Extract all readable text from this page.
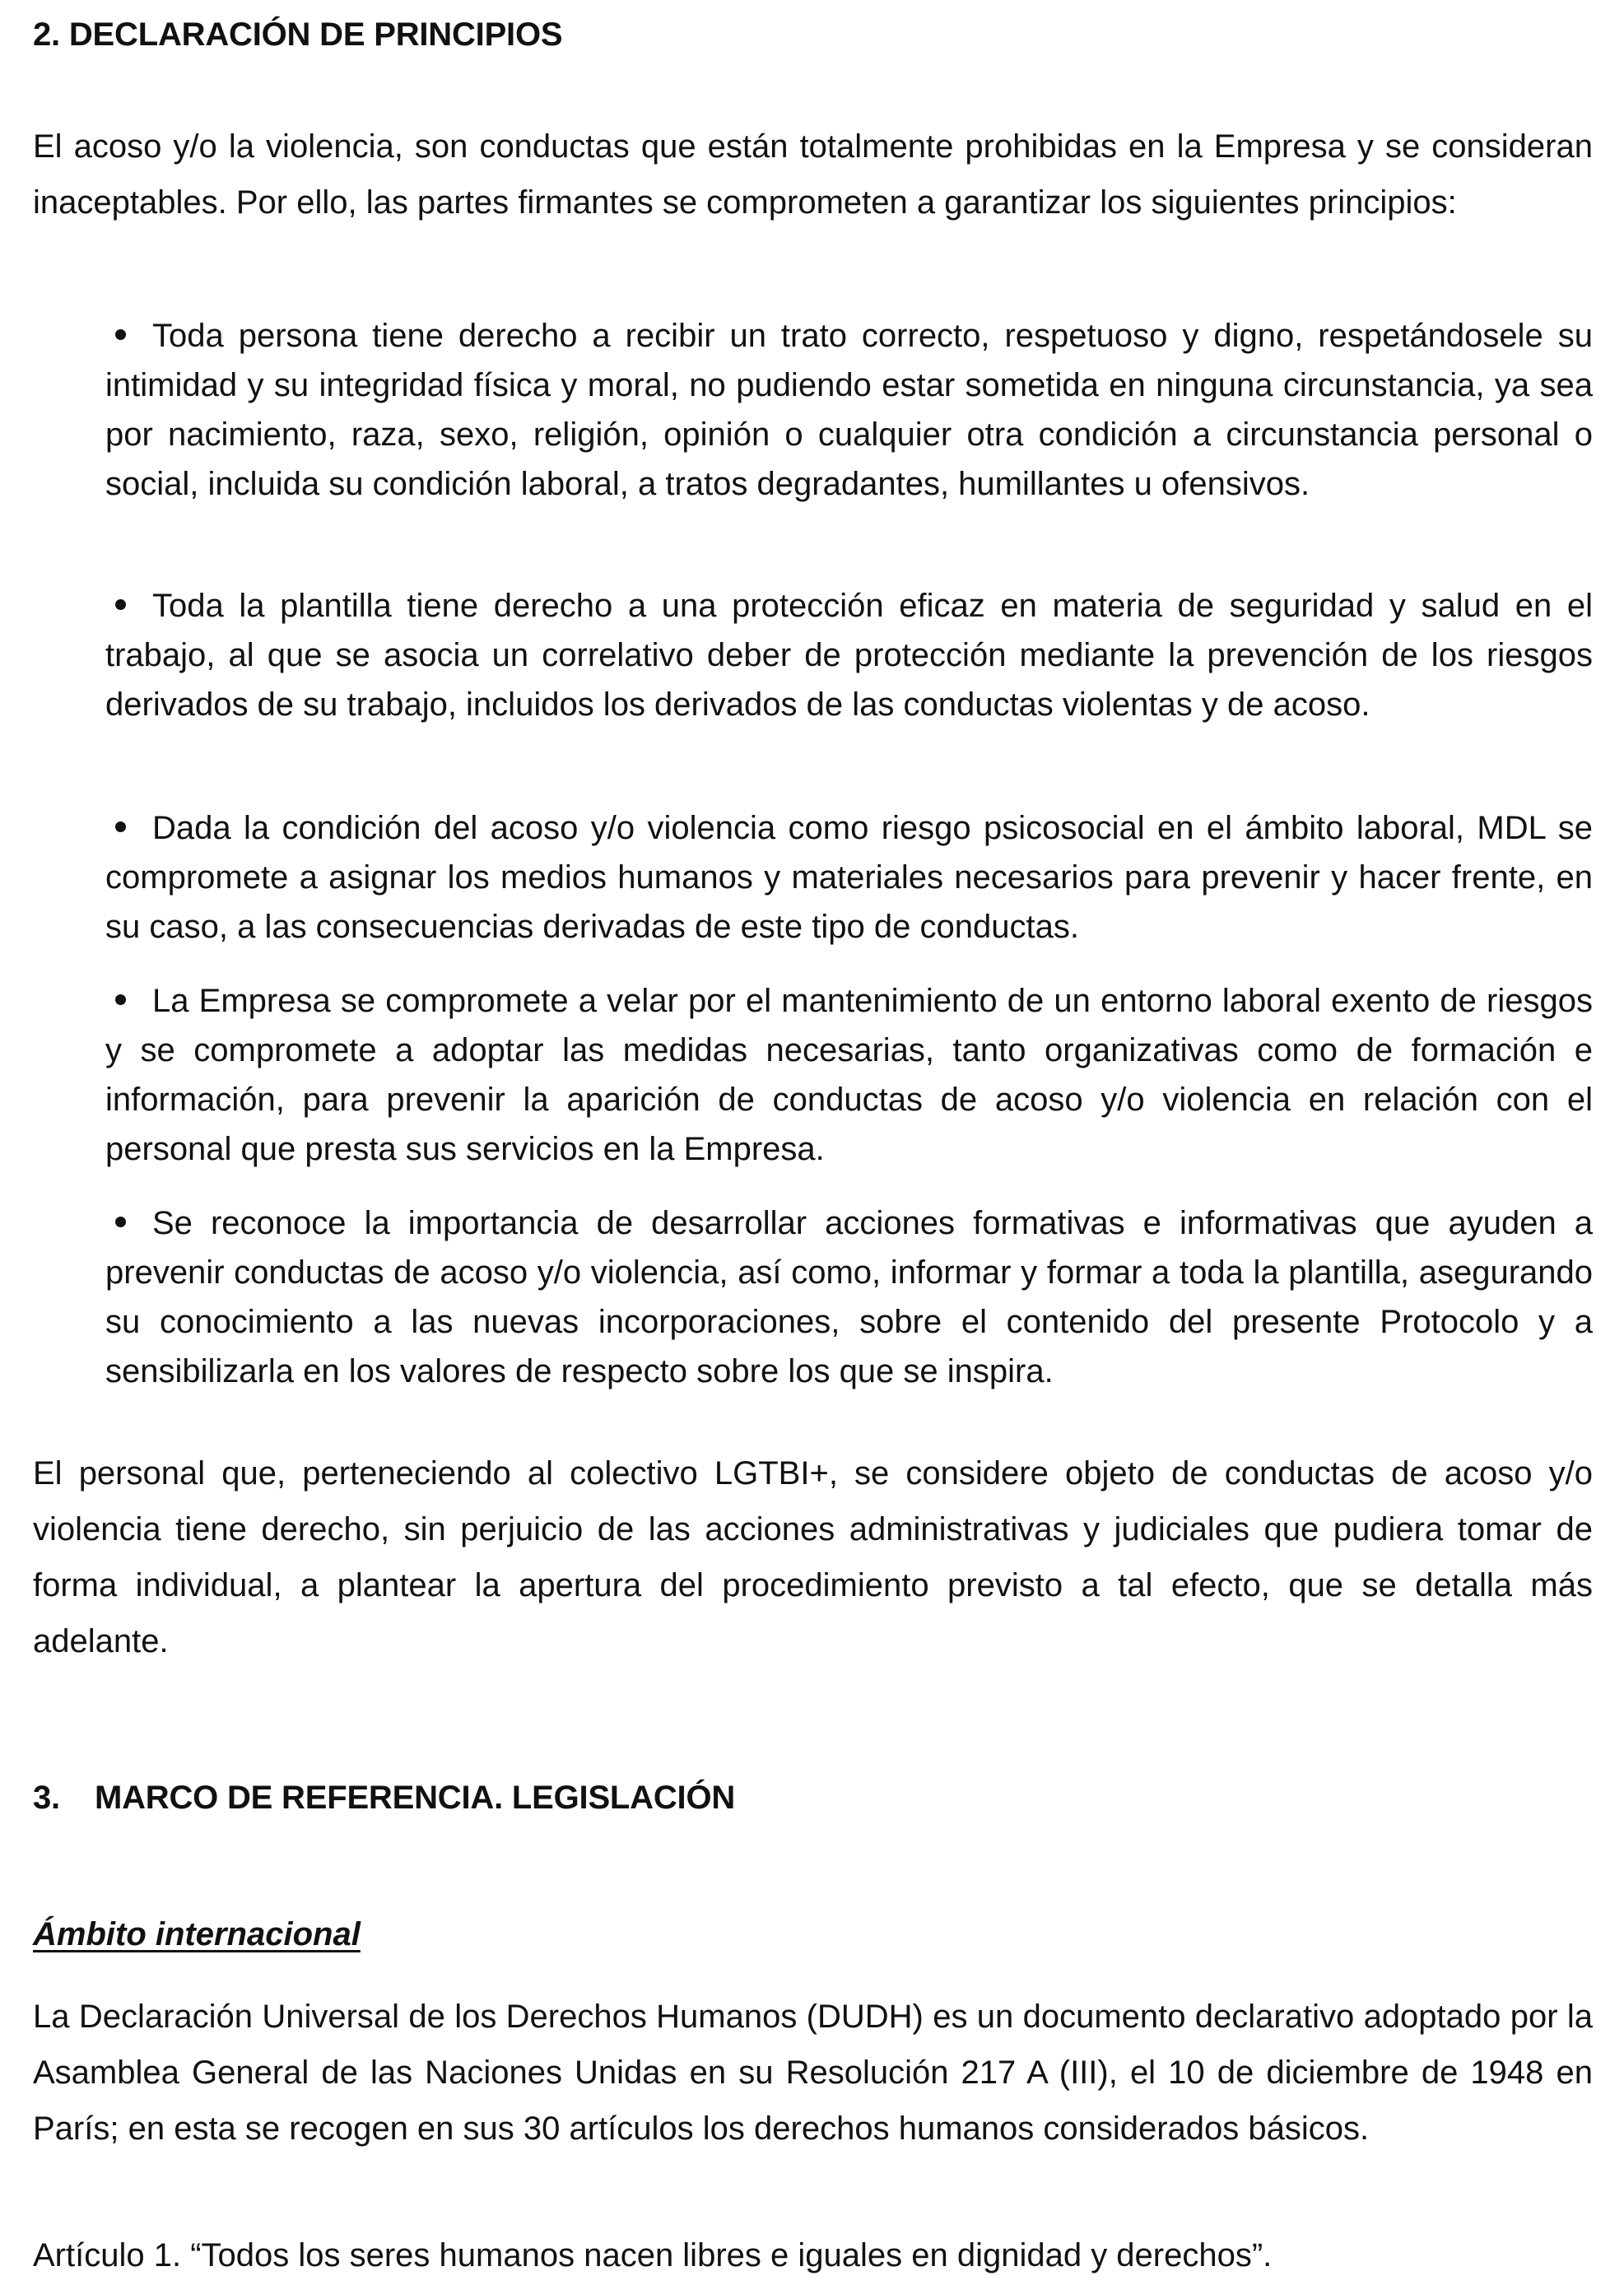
2. DECLARACIÓN DE PRINCIPIOS

El acoso y/o la violencia, son conductas que están totalmente prohibidas en la Empresa y se consideran inaceptables. Por ello, las partes firmantes se comprometen a garantizar los siguientes principios:

Toda persona tiene derecho a recibir un trato correcto, respetuoso y digno, respetándosele su intimidad y su integridad física y moral, no pudiendo estar sometida en ninguna circunstancia, ya sea por nacimiento, raza, sexo, religión, opinión o cualquier otra condición a circunstancia personal o social, incluida su condición laboral, a tratos degradantes, humillantes u ofensivos.

Toda la plantilla tiene derecho a una protección eficaz en materia de seguridad y salud en el trabajo, al que se asocia un correlativo deber de protección mediante la prevención de los riesgos derivados de su trabajo, incluidos los derivados de las conductas violentas y de acoso.

Dada la condición del acoso y/o violencia como riesgo psicosocial en el ámbito laboral, MDL se compromete a asignar los medios humanos y materiales necesarios para prevenir y hacer frente, en su caso, a las consecuencias derivadas de este tipo de conductas.

La Empresa se compromete a velar por el mantenimiento de un entorno laboral exento de riesgos y se compromete a adoptar las medidas necesarias, tanto organizativas como de formación e información, para prevenir la aparición de conductas de acoso y/o violencia en relación con el personal que presta sus servicios en la Empresa.

Se reconoce la importancia de desarrollar acciones formativas e informativas que ayuden a prevenir conductas de acoso y/o violencia, así como, informar y formar a toda la plantilla, asegurando su conocimiento a las nuevas incorporaciones, sobre el contenido del presente Protocolo y a sensibilizarla en los valores de respecto sobre los que se inspira.

El personal que, perteneciendo al colectivo LGTBI+, se considere objeto de conductas de acoso y/o violencia tiene derecho, sin perjuicio de las acciones administrativas y judiciales que pudiera tomar de forma individual, a plantear la apertura del procedimiento previsto a tal efecto, que se detalla más adelante.

3. MARCO DE REFERENCIA. LEGISLACIÓN
Ámbito internacional

La Declaración Universal de los Derechos Humanos (DUDH) es un documento declarativo adoptado por la Asamblea General de las Naciones Unidas en su Resolución 217 A (III), el 10 de diciembre de 1948 en París; en esta se recogen en sus 30 artículos los derechos humanos considerados básicos.

Artículo 1. “Todos los seres humanos nacen libres e iguales en dignidad y derechos”.
